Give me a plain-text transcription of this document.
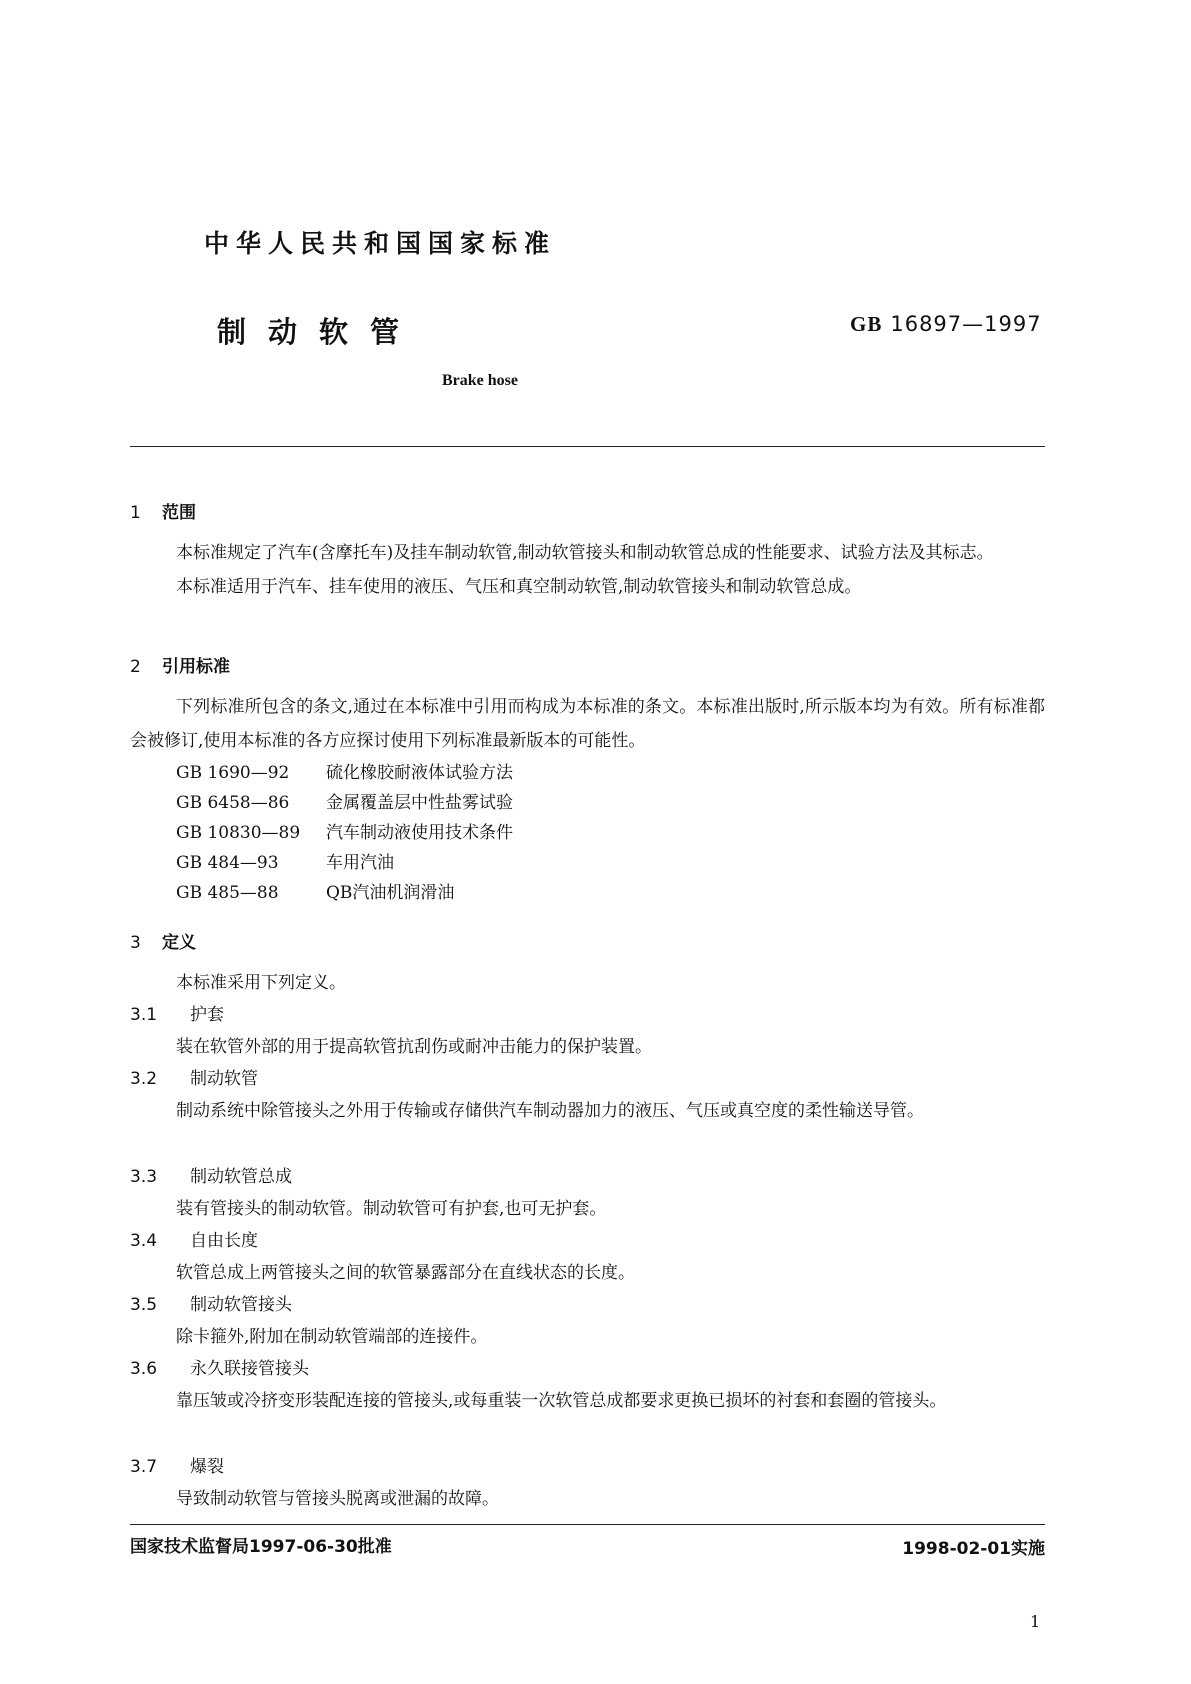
中华人民共和国国家标准
制动软管	GB 16897—1997
Brake hose
1 范围

本标准规定了汽车(含摩托车)及挂车制动软管,制动软管接头和制动软管总成的性能要求、试验方法及其标志。

本标准适用于汽车、挂车使用的液压、气压和真空制动软管,制动软管接头和制动软管总成。

2 引用标准

下列标准所包含的条文,通过在本标准中引用而构成为本标准的条文。本标准出版时,所示版本均为有效。所有标准都会被修订,使用本标准的各方应探讨使用下列标准最新版本的可能性。

GB 1690—92 硫化橡胶耐液体试验方法
GB 6458—86 金属覆盖层中性盐雾试验
GB 10830—89 汽车制动液使用技术条件
GB 484—93	车用汽油
GB 485—88	QB汽油机润滑油
3 定义
本标准采用下列定义。
3.1 护套

装在软管外部的用于提高软管抗刮伤或耐冲击能力的保护装置。

3.2 制动软管

制动系统中除管接头之外用于传输或存储供汽车制动器加力的液压、气压或真空度的柔性输送导管。

3.3 制动软管总成

装有管接头的制动软管。制动软管可有护套,也可无护套。

3.4 自由长度

软管总成上两管接头之间的软管暴露部分在直线状态的长度。

3.5 制动软管接头

除卡箍外,附加在制动软管端部的连接件。

3.6 永久联接管接头

靠压皱或冷挤变形装配连接的管接头,或每重装一次软管总成都要求更换已损坏的衬套和套圈的管接头。

3.7 爆裂

导致制动软管与管接头脱离或泄漏的故障。

国家技术监督局1997-06-30批准	1998-02-01实施
1
